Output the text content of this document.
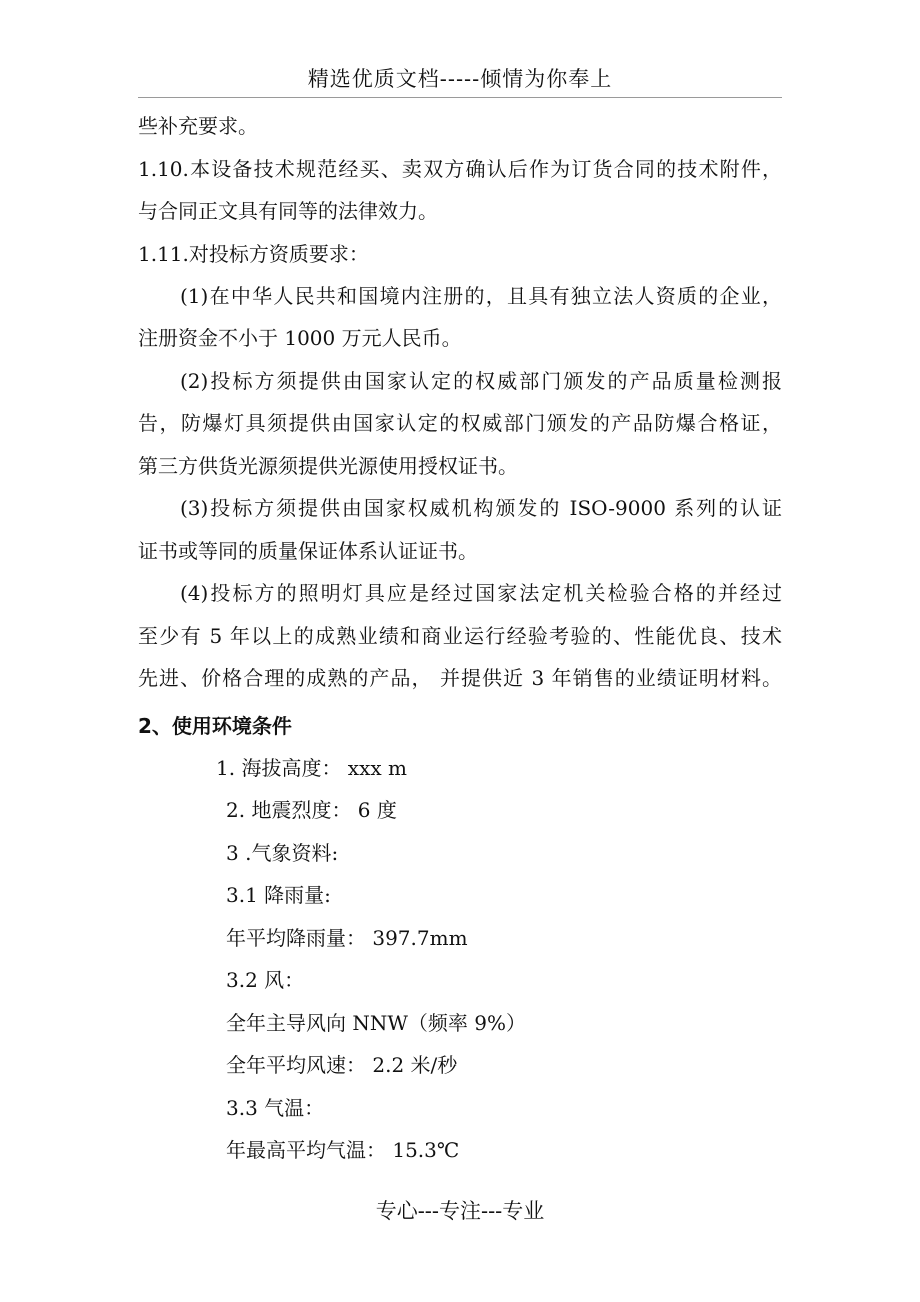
精选优质文档-----倾情为你奉上
些补充要求。
1.10.本设备技术规范经买、卖双方确认后作为订货合同的技术附件，
与合同正文具有同等的法律效力。
1.11.对投标方资质要求：
(1)在中华人民共和国境内注册的，且具有独立法人资质的企业，
注册资金不小于 1000 万元人民币。
(2)投标方须提供由国家认定的权威部门颁发的产品质量检测报
告，防爆灯具须提供由国家认定的权威部门颁发的产品防爆合格证，
第三方供货光源须提供光源使用授权证书。
(3)投标方须提供由国家权威机构颁发的 ISO-9000 系列的认证
证书或等同的质量保证体系认证证书。
(4)投标方的照明灯具应是经过国家法定机关检验合格的并经过
至少有 5 年以上的成熟业绩和商业运行经验考验的、性能优良、技术
先进、价格合理的成熟的产品， 并提供近 3 年销售的业绩证明材料。
2、使用环境条件
1. 海拔高度： xxx m
2. 地震烈度： 6 度
3 .气象资料:
3.1 降雨量:
年平均降雨量： 397.7mm
3.2 风：
全年主导风向 NNW（频率 9%）
全年平均风速： 2.2 米/秒
3.3 气温：
年最高平均气温： 15.3℃
专心---专注---专业
